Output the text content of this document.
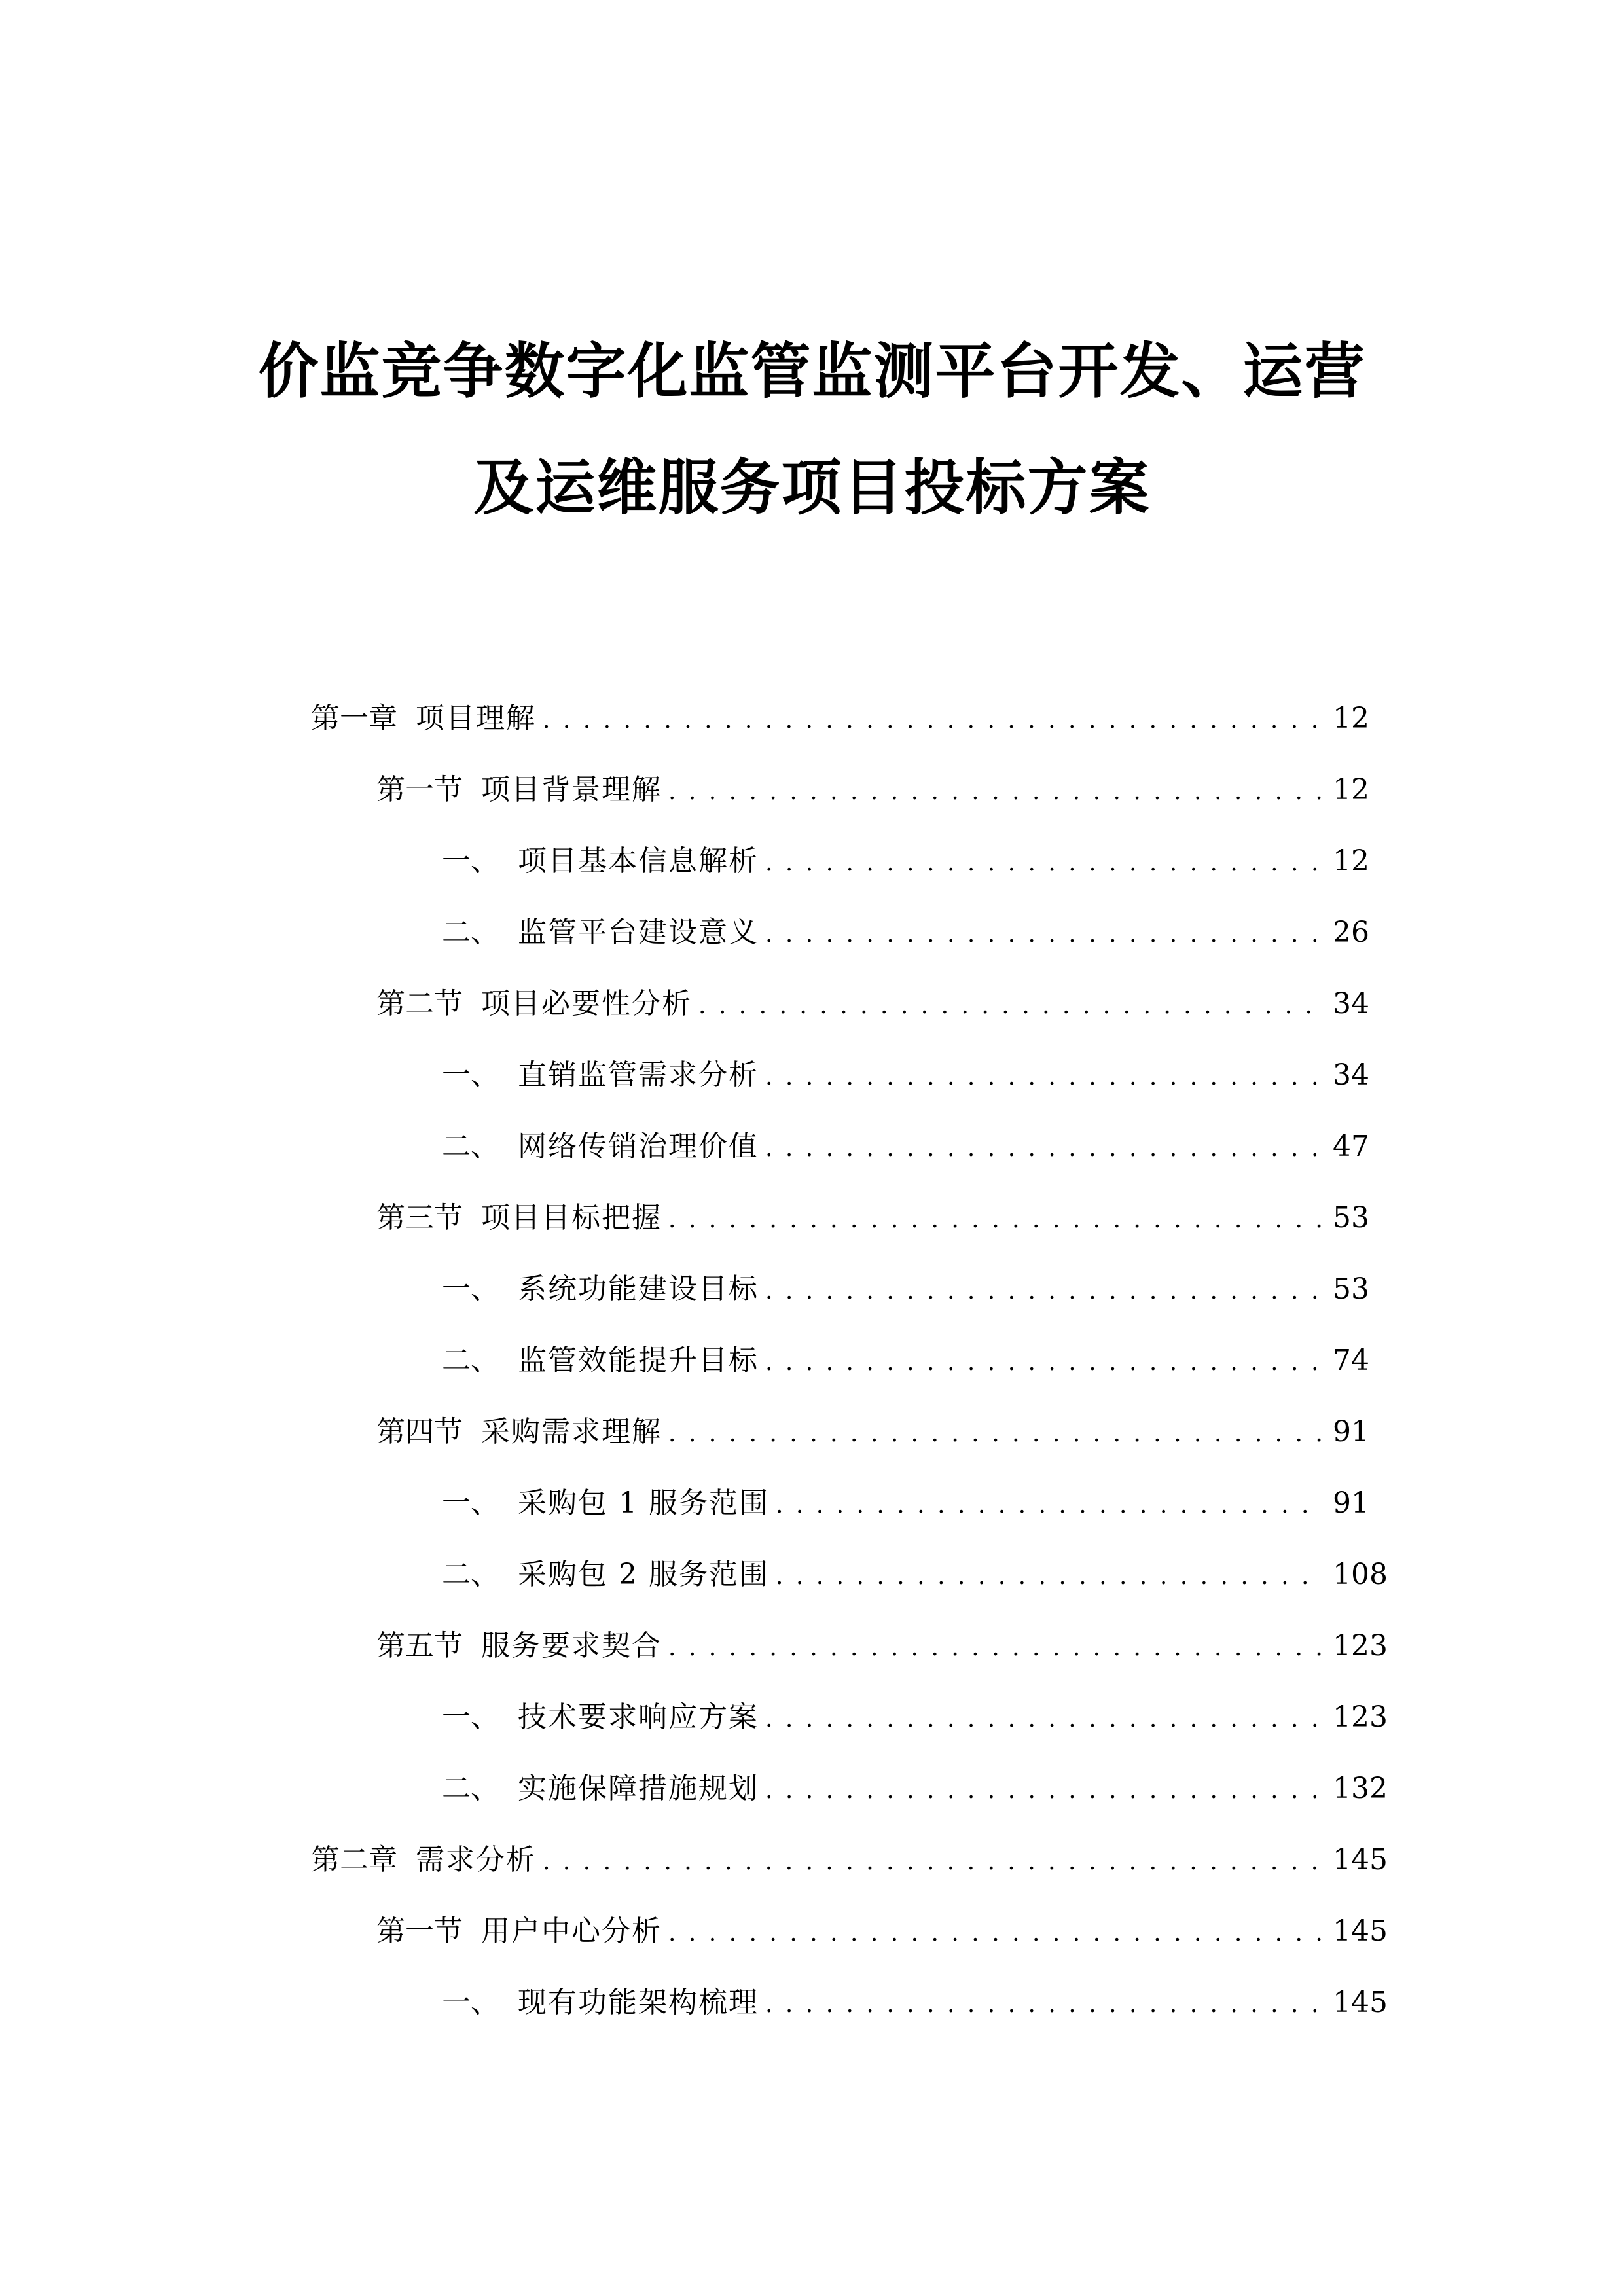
价监竞争数字化监管监测平台开发、运营
及运维服务项目投标方案
第一章 项目理解 . . .	12
第一节 项目背景理解 . . .	12
一、 项目基本信息解析 . . .	12
二、 监管平台建设意义 . . .	26
第二节 项目必要性分析 . . .	34
一、 直销监管需求分析 . . .	34
二、 网络传销治理价值 . . .	47
第三节 项目目标把握 . . .	53
一、 系统功能建设目标 . . .	53
二、 监管效能提升目标 . . .	74
第四节 采购需求理解 . . .	91
一、 采购包 1 服务范围 . . .	91
二、 采购包 2 服务范围 . . .	108
第五节 服务要求契合 . . .	123
一、 技术要求响应方案 . . .	123
二、 实施保障措施规划 . . .	132
第二章 需求分析 . . .	145
第一节 用户中心分析 . . .	145
一、 现有功能架构梳理 . . .	145
